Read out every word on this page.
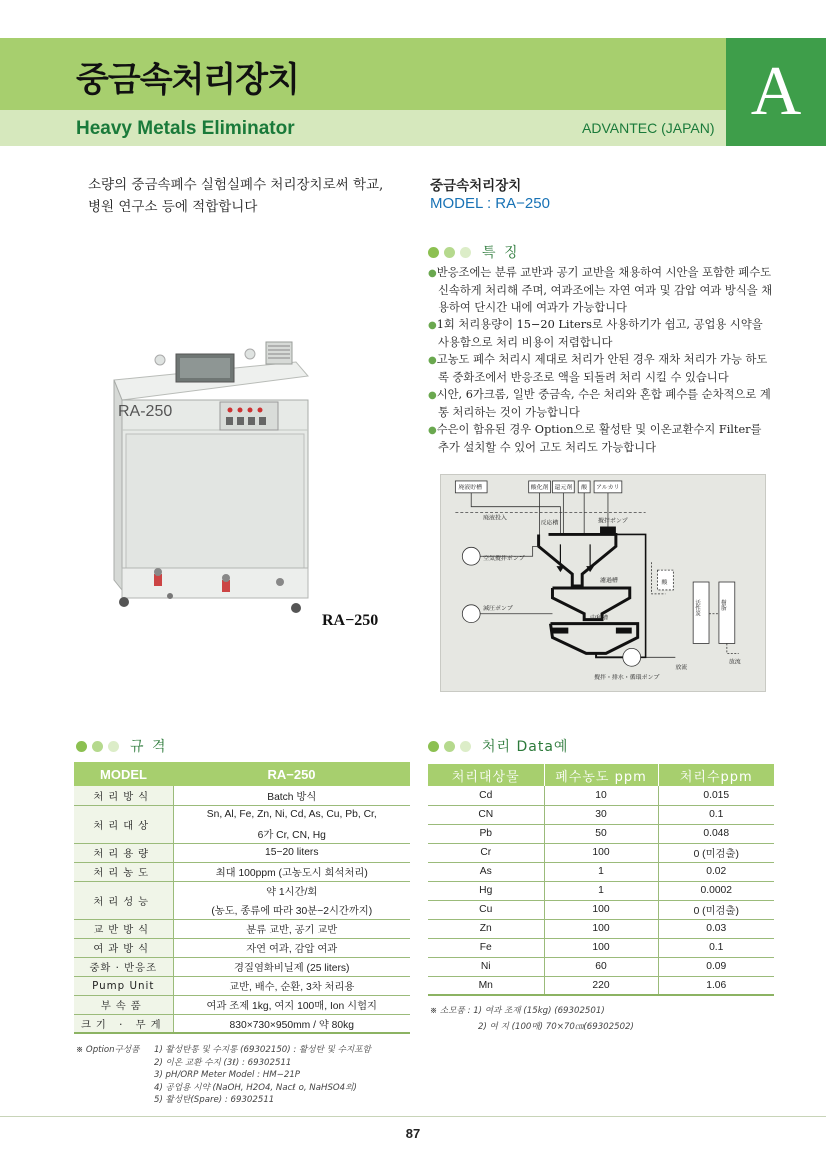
중금속처리장치
Heavy Metals Eliminator	ADVANTEC (JAPAN) A
소량의 중금속폐수 실험실폐수 처리장치로써 학교,
병원 연구소 등에 적합합니다
중금속처리장치
MODEL : RA−250
특 징
● 반응조에는 분류 교반과 공기 교반을 채용하여 시안을 포함한 폐수도 신속하게 처리해 주며, 여과조에는 자연 여과 및 감압 여과 방식을 채용하여 단시간 내에 여과가 가능합니다
● 1회 처리용량이 15−20 Liters로 사용하기가 쉽고, 공업용 시약을 사용함으로 처리 비용이 저렴합니다
● 고농도 폐수 처리시 제대로 처리가 안된 경우 재차 처리가 가능 하도록 중화조에서 반응조로 액을 되돌려 처리 시킬 수 있습니다
● 시안, 6가크롬, 일반 중금속, 수은 처리와 혼합 폐수를 순차적으로 계통 처리하는 것이 가능합니다
● 수은이 함유된 경우 Option으로 활성탄 및 이온교환수지 Filter를 추가 설치할 수 있어 고도 처리도 가능합니다
RA-250
RA−250
廃液貯槽	酸化剤 還元剤 酸 アルカリ
廃液投入
反応槽	攪拌ポンプ
空気攪拌ポンプ
濾過槽	酸
活性炭	樹脂
放流
減圧ポンプ
中和槽
放流
攪拌・排水・循環ポンプ
규 격
MODEL	RA−250
처리방식	Batch 방식
처리대상	Sn, Al, Fe, Zn, Ni, Cd, As, Cu, Pb, Cr,
	6가 Cr, CN, Hg
처리용량	15−20 liters
처리농도	최대 100ppm (고농도시 희석처리)
처리성능	약 1시간/회
	(농도, 종류에 따라 30분−2시간까지)
교반방식	분류 교반, 공기 교반
여과방식	자연 여과, 감압 여과
중화 · 반응조	경질염화비닐제 (25 liters)
Pump Unit	교반, 배수, 순환, 3차 처리용
부속품	여과 조제 1kg, 여지 100매, Ion 시험지
크기 · 무게	830×730×950mm / 약 80kg
※ Option구성품 1) 활성탄통 및 수지통 (69302150) : 활성탄 및 수지포함
2) 이온 교환 수지 (3ℓ) : 69302511
3) pH/ORP Meter Model : HM−21P
4) 공업용 시약 (NaOH, H2O4, Nacℓ o, NaHSO4외)
5) 활성탄(Spare) : 69302511
처리 Data예
처리대상물	폐수농도 ppm	처리수ppm
Cd	10	0.015
CN	30	0.1
Pb	50	0.048
Cr	100	0 (미검출)
As	1	0.02
Hg	1	0.0002
Cu	100	0 (미검출)
Zn	100	0.03
Fe	100	0.1
Ni	60	0.09
Mn	220	1.06
※ 소모품 : 1) 여과 조재 (15kg) (69302501)
2) 여 지 (100매) 70×70㎝(69302502)
87
